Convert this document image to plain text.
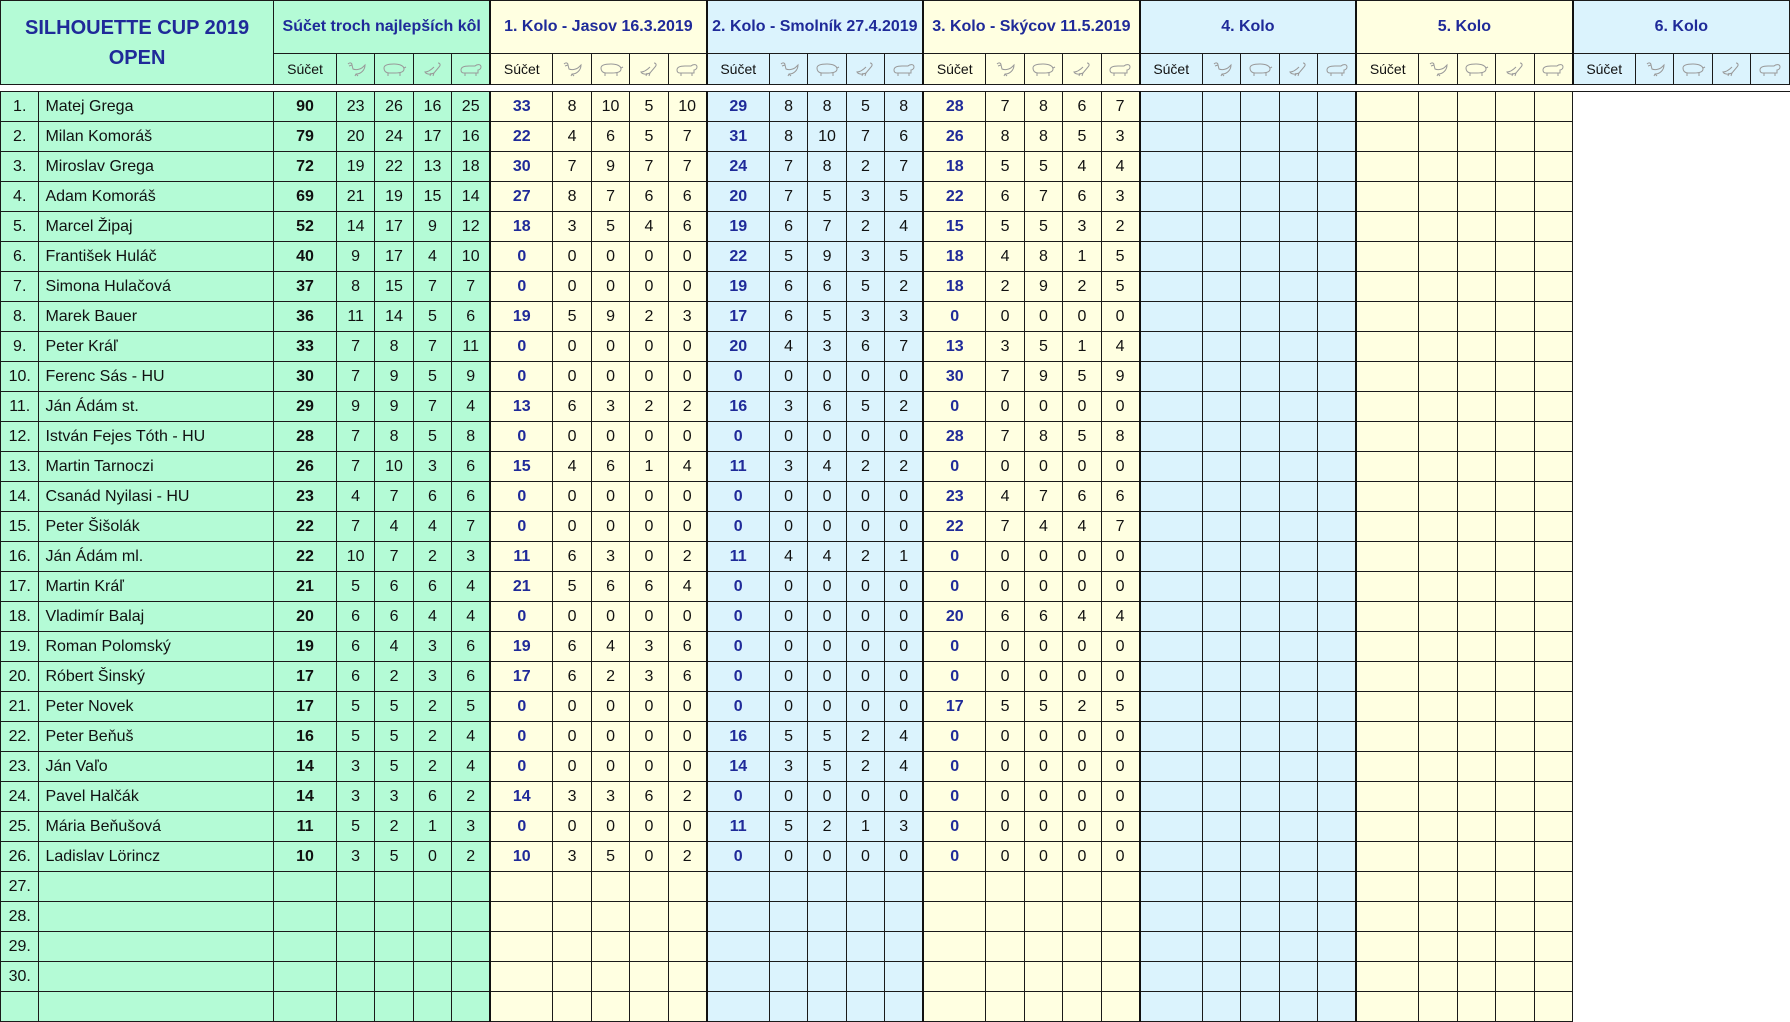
SILHOUETTE CUP 2019 OPEN		Súčet troch najlepších kôl					1. Kolo - Jasov 16.3.2019					2. Kolo - Smolník 27.4.2019					3. Kolo - Skýcov 11.5.2019					4. Kolo					5. Kolo					6. Kolo				
		Súčet					Súčet					Súčet					Súčet					Súčet					Súčet					Súčet				

1.	Matej Grega	90	23	26	16	25	33	8	10	5	10	29	8	8	5	8	28	7	8	6	7															
2.	Milan Komoráš	79	20	24	17	16	22	4	6	5	7	31	8	10	7	6	26	8	8	5	3															
3.	Miroslav Grega	72	19	22	13	18	30	7	9	7	7	24	7	8	2	7	18	5	5	4	4															
4.	Adam Komoráš	69	21	19	15	14	27	8	7	6	6	20	7	5	3	5	22	6	7	6	3															
5.	Marcel Žipaj	52	14	17	9	12	18	3	5	4	6	19	6	7	2	4	15	5	5	3	2															
6.	František Huláč	40	9	17	4	10	0	0	0	0	0	22	5	9	3	5	18	4	8	1	5															
7.	Simona Hulačová	37	8	15	7	7	0	0	0	0	0	19	6	6	5	2	18	2	9	2	5															
8.	Marek Bauer	36	11	14	5	6	19	5	9	2	3	17	6	5	3	3	0	0	0	0	0															
9.	Peter Kráľ	33	7	8	7	11	0	0	0	0	0	20	4	3	6	7	13	3	5	1	4															
10.	Ferenc Sás - HU	30	7	9	5	9	0	0	0	0	0	0	0	0	0	0	30	7	9	5	9															
11.	Ján Ádám st.	29	9	9	7	4	13	6	3	2	2	16	3	6	5	2	0	0	0	0	0															
12.	István Fejes Tóth - HU	28	7	8	5	8	0	0	0	0	0	0	0	0	0	0	28	7	8	5	8															
13.	Martin Tarnoczi	26	7	10	3	6	15	4	6	1	4	11	3	4	2	2	0	0	0	0	0															
14.	Csanád Nyilasi - HU	23	4	7	6	6	0	0	0	0	0	0	0	0	0	0	23	4	7	6	6															
15.	Peter Šišolák	22	7	4	4	7	0	0	0	0	0	0	0	0	0	0	22	7	4	4	7															
16.	Ján Ádám ml.	22	10	7	2	3	11	6	3	0	2	11	4	4	2	1	0	0	0	0	0															
17.	Martin Kráľ	21	5	6	6	4	21	5	6	6	4	0	0	0	0	0	0	0	0	0	0															
18.	Vladimír Balaj	20	6	6	4	4	0	0	0	0	0	0	0	0	0	0	20	6	6	4	4															
19.	Roman Polomský	19	6	4	3	6	19	6	4	3	6	0	0	0	0	0	0	0	0	0	0															
20.	Róbert Šinský	17	6	2	3	6	17	6	2	3	6	0	0	0	0	0	0	0	0	0	0															
21.	Peter Novek	17	5	5	2	5	0	0	0	0	0	0	0	0	0	0	17	5	5	2	5															
22.	Peter Beňuš	16	5	5	2	4	0	0	0	0	0	16	5	5	2	4	0	0	0	0	0															
23.	Ján Vaľo	14	3	5	2	4	0	0	0	0	0	14	3	5	2	4	0	0	0	0	0															
24.	Pavel Halčák	14	3	3	6	2	14	3	3	6	2	0	0	0	0	0	0	0	0	0	0															
25.	Mária Beňušová	11	5	2	1	3	0	0	0	0	0	11	5	2	1	3	0	0	0	0	0															
26.	Ladislav Lörincz	10	3	5	0	2	10	3	5	0	2	0	0	0	0	0	0	0	0	0	0															
27.																																				
28.																																				
29.																																				
30.																																				
